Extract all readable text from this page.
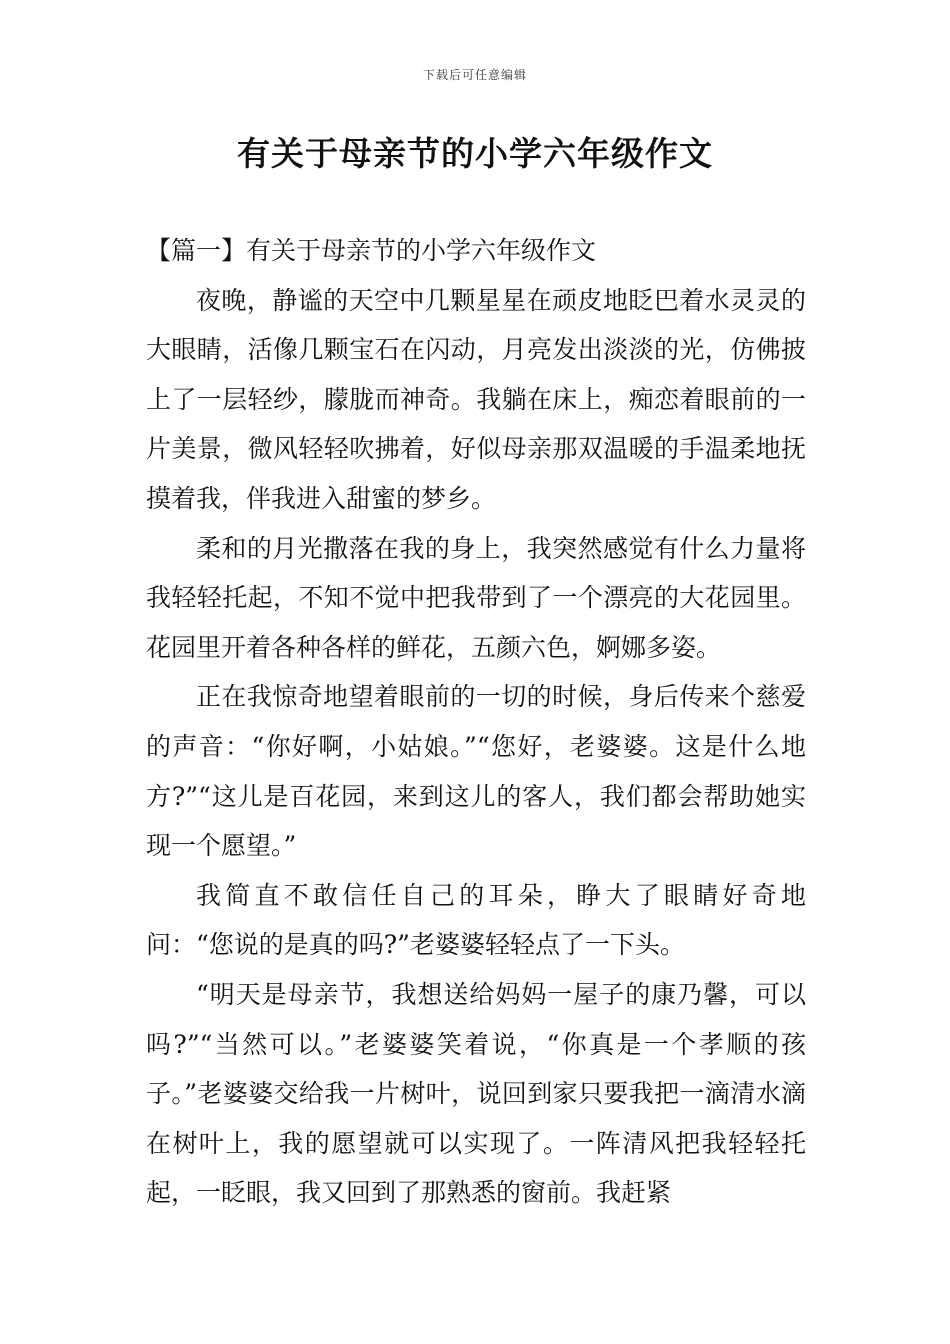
下载后可任意编辑
有关于母亲节的小学六年级作文

【篇一】有关于母亲节的小学六年级作文

夜晚，静谧的天空中几颗星星在顽皮地眨巴着水灵灵的大眼睛，活像几颗宝石在闪动，月亮发出淡淡的光，仿佛披上了一层轻纱，朦胧而神奇。我躺在床上，痴恋着眼前的一片美景，微风轻轻吹拂着，好似母亲那双温暖的手温柔地抚摸着我，伴我进入甜蜜的梦乡。

柔和的月光撒落在我的身上，我突然感觉有什么力量将我轻轻托起，不知不觉中把我带到了一个漂亮的大花园里。花园里开着各种各样的鲜花，五颜六色，婀娜多姿。

正在我惊奇地望着眼前的一切的时候，身后传来个慈爱的声音：“你好啊，小姑娘。”“您好，老婆婆。这是什么地方?”“这儿是百花园，来到这儿的客人，我们都会帮助她实现一个愿望。”

我简直不敢信任自己的耳朵，睁大了眼睛好奇地问：“您说的是真的吗?”老婆婆轻轻点了一下头。

“明天是母亲节，我想送给妈妈一屋子的康乃馨，可以吗?”“当然可以。”老婆婆笑着说，“你真是一个孝顺的孩子。”老婆婆交给我一片树叶，说回到家只要我把一滴清水滴在树叶上，我的愿望就可以实现了。一阵清风把我轻轻托起，一眨眼，我又回到了那熟悉的窗前。我赶紧
